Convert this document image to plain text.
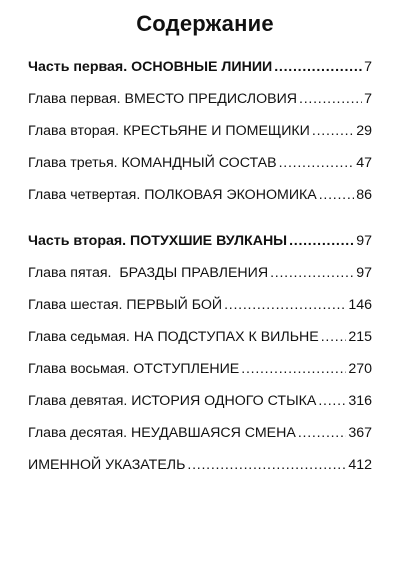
Содержание
Часть первая. ОСНОВНЫЕ ЛИНИИ . . .	7
Глава первая. ВМЕСТО ПРЕДИСЛОВИЯ . . .	7
Глава вторая. КРЕСТЬЯНЕ И ПОМЕЩИКИ . . .	29
Глава третья. КОМАНДНЫЙ СОСТАВ . . .	47
Глава четвертая. ПОЛКОВАЯ ЭКОНОМИКА . . .	86
Часть вторая. ПОТУХШИЕ ВУЛКАНЫ . . .	97
Глава пятая.  БРАЗДЫ ПРАВЛЕНИЯ . . .	97
Глава шестая. ПЕРВЫЙ БОЙ . . .	146
Глава седьмая. НА ПОДСТУПАХ К ВИЛЬНЕ . . . 215
Глава восьмая. ОТСТУПЛЕНИЕ . . .	270
Глава девятая. ИСТОРИЯ ОДНОГО СТЫКА . . . 316
Глава десятая. НЕУДАВШАЯСЯ СМЕНА . . .	367
ИМЕННОЙ УКАЗАТЕЛЬ . . .	412
